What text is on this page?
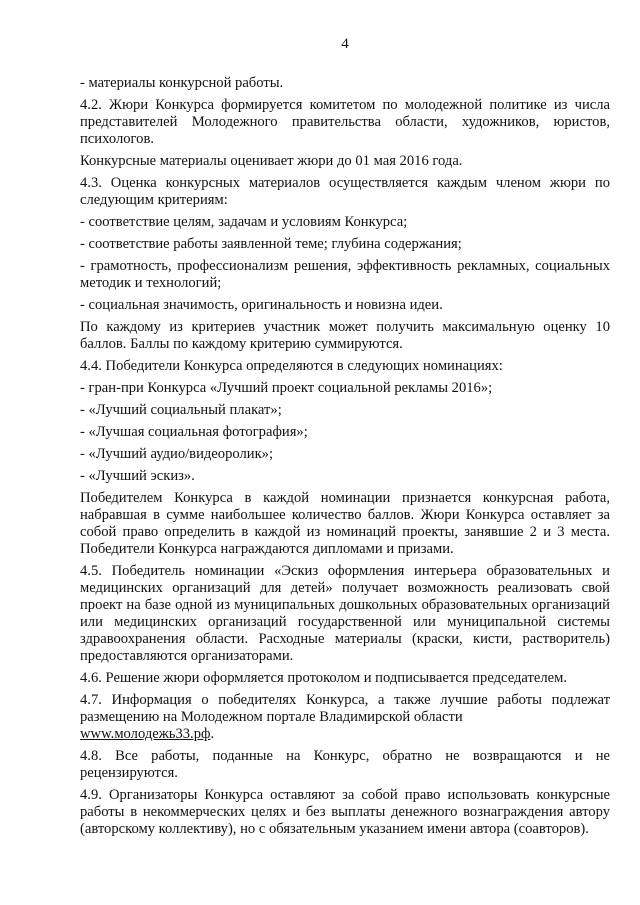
4

- материалы конкурсной работы.

4.2. Жюри Конкурса формируется комитетом по молодежной политике из числа представителей Молодежного правительства области, художников, юристов, психологов.

Конкурсные материалы оценивает жюри до 01 мая 2016 года.

4.3. Оценка конкурсных материалов осуществляется каждым членом жюри по следующим критериям:

- соответствие целям, задачам и условиям Конкурса;

- соответствие работы заявленной теме; глубина содержания;

- грамотность, профессионализм решения, эффективность рекламных, социальных методик и технологий;

- социальная значимость, оригинальность и новизна идеи.

По каждому из критериев участник может получить максимальную оценку 10 баллов. Баллы по каждому критерию суммируются.

4.4. Победители Конкурса определяются в следующих номинациях:

- гран-при Конкурса «Лучший проект социальной рекламы 2016»;

- «Лучший социальный плакат»;

- «Лучшая социальная фотография»;

- «Лучший аудио/видеоролик»;

- «Лучший эскиз».

Победителем Конкурса в каждой номинации признается конкурсная работа, набравшая в сумме наибольшее количество баллов. Жюри Конкурса оставляет за собой право определить в каждой из номинаций проекты, занявшие 2 и 3 места. Победители Конкурса награждаются дипломами и призами.

4.5. Победитель номинации «Эскиз оформления интерьера образовательных и медицинских организаций для детей» получает возможность реализовать свой проект на базе одной из муниципальных дошкольных образовательных организаций или медицинских организаций государственной или муниципальной системы здравоохранения области. Расходные материалы (краски, кисти, растворитель) предоставляются организаторами.

4.6. Решение жюри оформляется протоколом и подписывается председателем.

4.7. Информация о победителях Конкурса, а также лучшие работы подлежат размещению на Молодежном портале Владимирской области

www.молодежь33.рф.

4.8. Все работы, поданные на Конкурс, обратно не возвращаются и не рецензируются.

4.9. Организаторы Конкурса оставляют за собой право использовать конкурсные работы в некоммерческих целях и без выплаты денежного вознаграждения автору (авторскому коллективу), но с обязательным указанием имени автора (соавторов).
